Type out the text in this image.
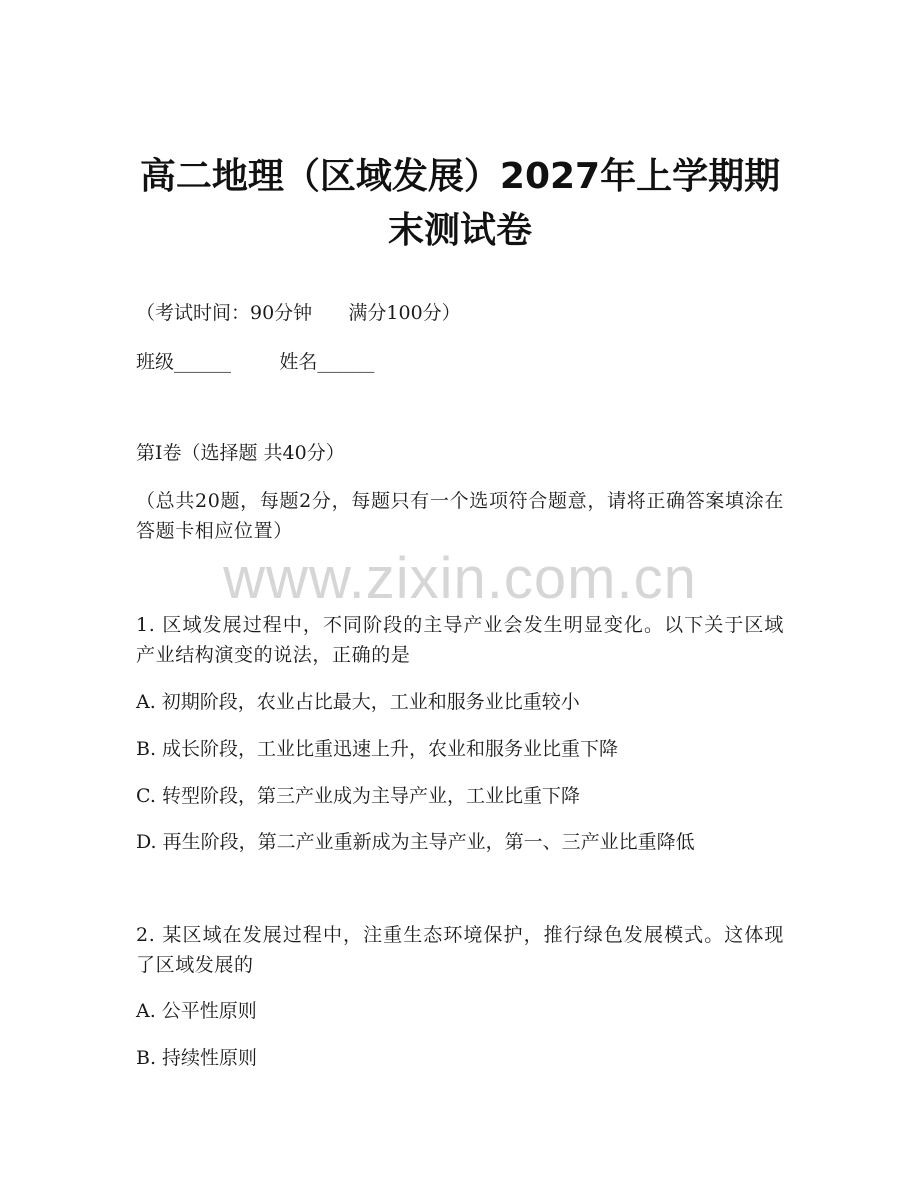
高二地理（区域发展）2027年上学期期末测试卷
（考试时间：90分钟      满分100分）
班级______        姓名______
第Ⅰ卷（选择题 共40分）
（总共20题，每题2分，每题只有一个选项符合题意，请将正确答案填涂在答题卡相应位置）
www.zixin.com.cn
1. 区域发展过程中，不同阶段的主导产业会发生明显变化。以下关于区域产业结构演变的说法，正确的是
A. 初期阶段，农业占比最大，工业和服务业比重较小
B. 成长阶段，工业比重迅速上升，农业和服务业比重下降
C. 转型阶段，第三产业成为主导产业，工业比重下降
D. 再生阶段，第二产业重新成为主导产业，第一、三产业比重降低
2. 某区域在发展过程中，注重生态环境保护，推行绿色发展模式。这体现了区域发展的
A. 公平性原则
B. 持续性原则
